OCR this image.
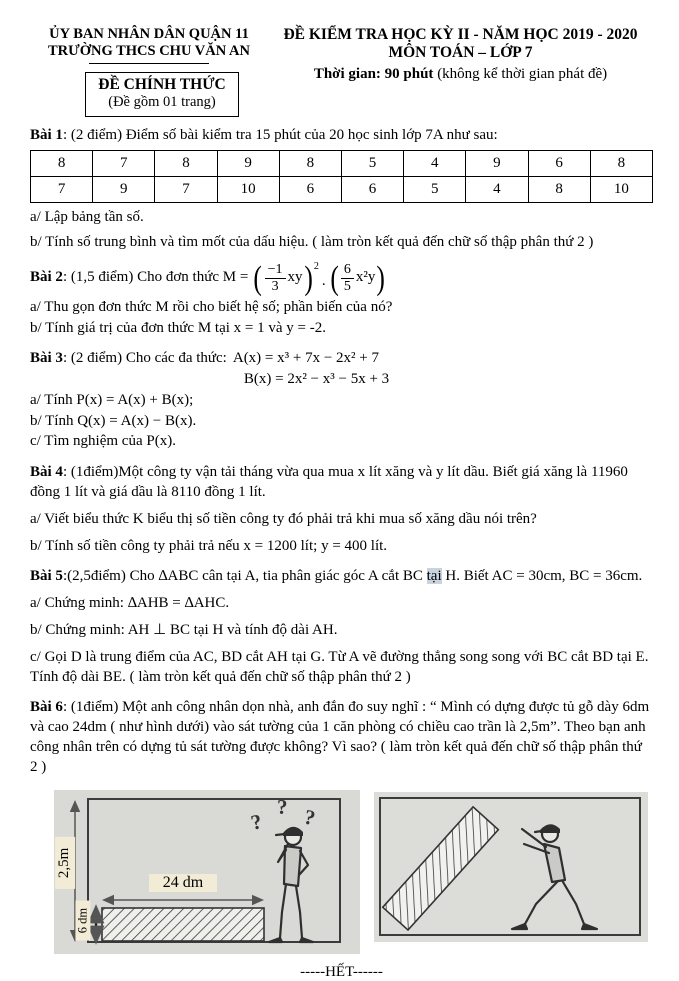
ỦY BAN NHÂN DÂN QUẬN 11
TRƯỜNG THCS CHU VĂN AN
ĐỀ CHÍNH THỨC
(Đề gồm 01 trang)
ĐỀ KIỂM TRA HỌC KỲ II - NĂM HỌC 2019 - 2020
MÔN TOÁN – LỚP 7
Thời gian: 90 phút (không kể thời gian phát đề)
Bài 1: (2 điểm) Điểm số bài kiểm tra 15 phút của 20 học sinh lớp 7A như sau:
8	7	8	9	8	5	4	9	6	8
7	9	7	10	6	6	5	4	8	10
a/ Lập bảng tần số.
b/ Tính số trung bình và tìm mốt của dấu hiệu. ( làm tròn kết quả đến chữ số thập phân thứ 2 )
Bài 2 : (1,5 điểm) Cho đơn thức M = ( $\frac{-1}{3}$ xy ) 2
. ( $\frac{6}{5} x^2y$ )
a/ Thu gọn đơn thức M rồi cho biết hệ số; phần biến của nó?
b/ Tính giá trị của đơn thức M tại x = 1 và y = -2.
Bài 3: (2 điểm) Cho các đa thức: A(x) = x³ + 7x − 2x² + 7
B(x) = 2x² − x³ − 5x + 3
a/ Tính P(x) = A(x) + B(x);
b/ Tính Q(x) = A(x) − B(x).
c/ Tìm nghiệm của P(x).
Bài 4: (1điểm)Một công ty vận tải tháng vừa qua mua x lít xăng và y lít dầu. Biết giá xăng là 11960 đồng 1 lít và giá dầu là 8110 đồng 1 lít.
a/ Viết biểu thức K biểu thị số tiền công ty đó phải trả khi mua số xăng dầu nói trên?
b/ Tính số tiền công ty phải trả nếu x = 1200 lít; y = 400 lít.
Bài 5:(2,5điểm) Cho ∆ABC cân tại A, tia phân giác góc A cắt BC tại H. Biết AC = 30cm, BC = 36cm.
a/ Chứng minh: ∆AHB = ∆AHC.
b/ Chứng minh: AH ⊥ BC tại H và tính độ dài AH.
c/ Gọi D là trung điểm của AC, BD cắt AH tại G. Từ A vẽ đường thẳng song song với BC cắt BD tại E. Tính độ dài BE. ( làm tròn kết quả đến chữ số thập phân thứ 2 )
Bài 6: (1điểm) Một anh công nhân dọn nhà, anh đắn đo suy nghĩ : “ Mình có dựng được tủ gỗ dày 6dm và cao 24dm ( như hình dưới) vào sát tường của 1 căn phòng có chiều cao trần là 2,5m”. Theo bạn anh công nhân trên có dựng tủ sát tường được không? Vì sao? ( làm tròn kết quả đến chữ số thập phân thứ 2 )
?
? ?
2,5m
24 dm
6 dm
-----HẾT------
